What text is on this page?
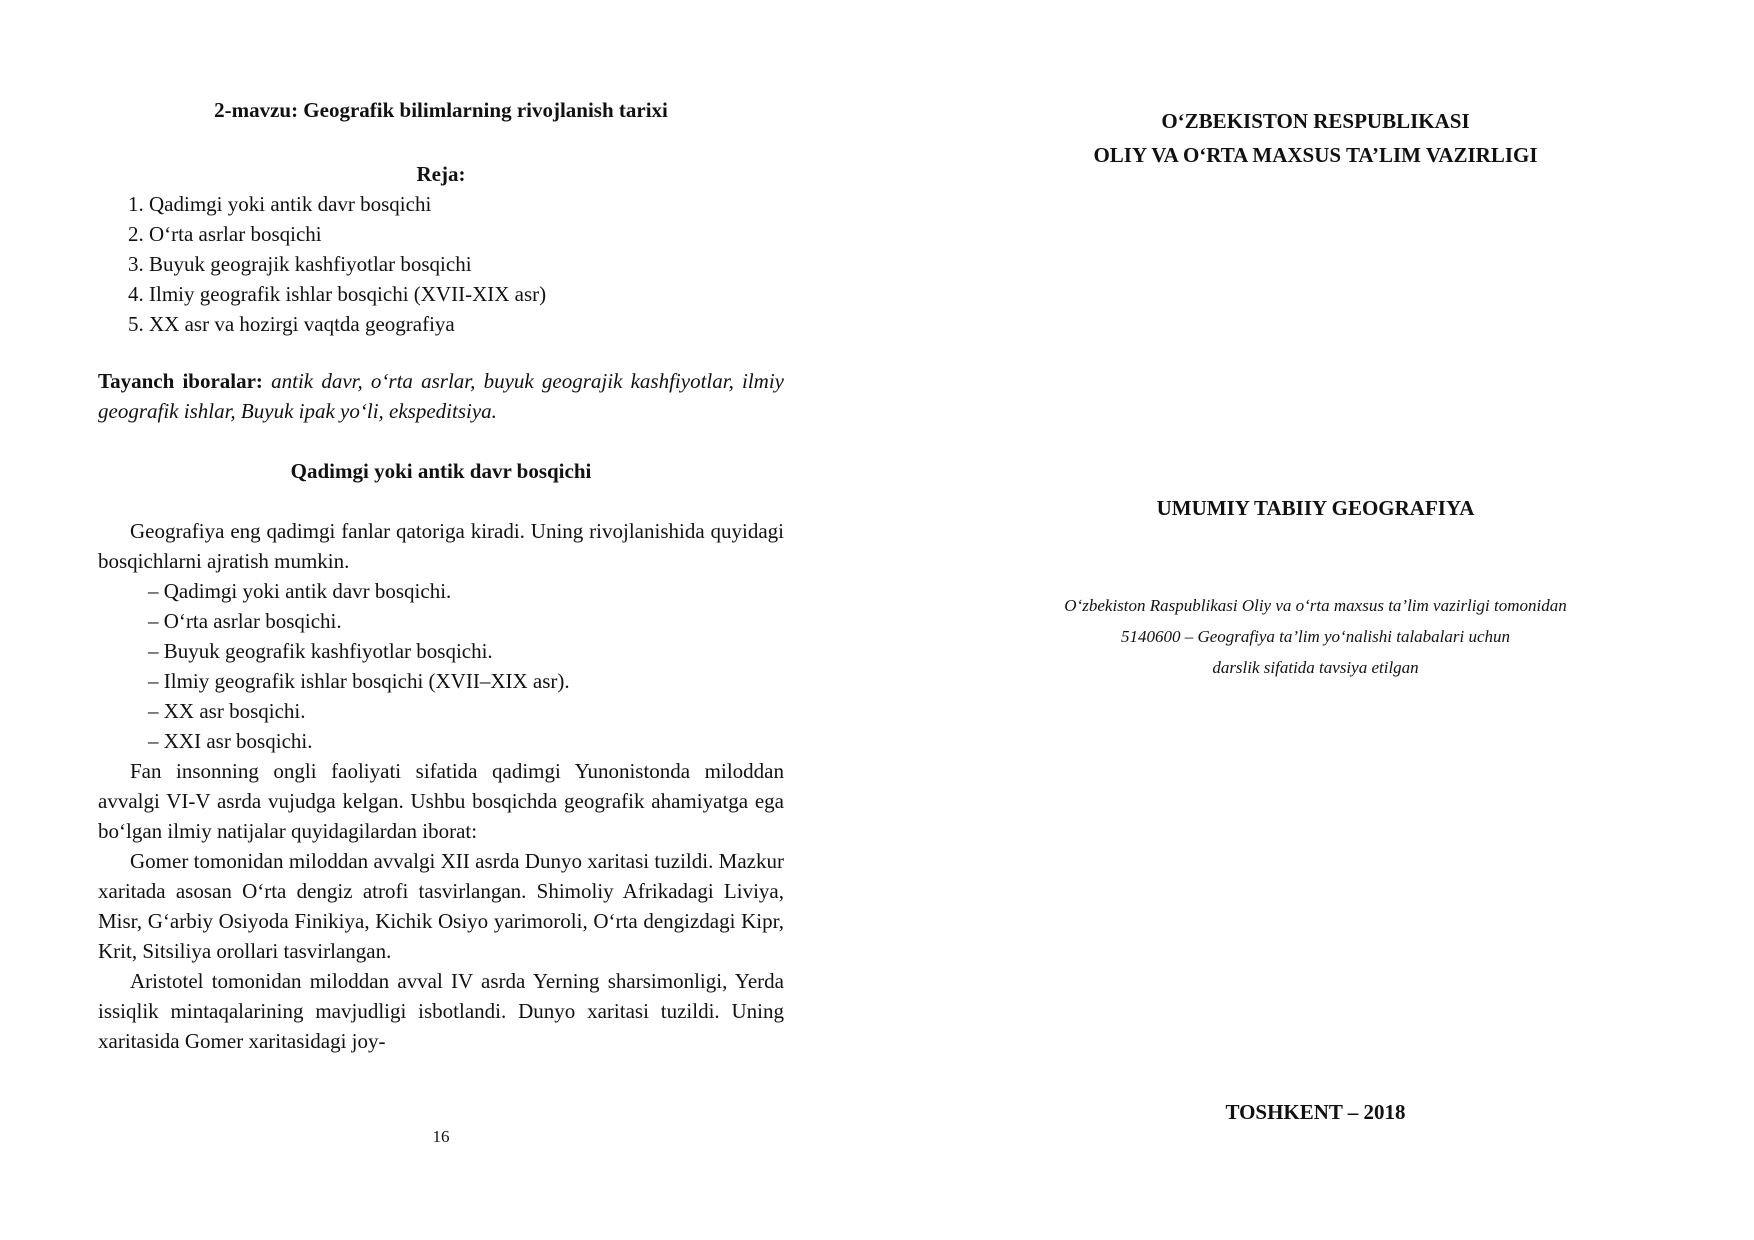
2-mavzu: Geografik bilimlarning rivojlanish tarixi
Reja:
1. Qadimgi yoki antik davr bosqichi
2. O‘rta asrlar bosqichi
3. Buyuk geograjik kashfiyotlar bosqichi
4. Ilmiy geografik ishlar bosqichi (XVII-XIX asr)
5. XX asr va hozirgi vaqtda geografiya

Tayanch iboralar: antik davr, o‘rta asrlar, buyuk geograjik kashfiyotlar, ilmiy geografik ishlar, Buyuk ipak yo‘li, ekspeditsiya.

Qadimgi yoki antik davr bosqichi

Geografiya eng qadimgi fanlar qatoriga kiradi. Uning rivojlanishida quyidagi bosqichlarni ajratish mumkin.

– Qadimgi yoki antik davr bosqichi.
– O‘rta asrlar bosqichi.
– Buyuk geografik kashfiyotlar bosqichi.
– Ilmiy geografik ishlar bosqichi (XVII–XIX asr).
– XX asr bosqichi.
– XXI asr bosqichi.

Fan insonning ongli faoliyati sifatida qadimgi Yunonistonda miloddan avvalgi VI-V asrda vujudga kelgan. Ushbu bosqichda geografik ahamiyatga ega bo‘lgan ilmiy natijalar quyidagilardan iborat:

Gomer tomonidan miloddan avvalgi XII asrda Dunyo xaritasi tuzildi. Mazkur xaritada asosan O‘rta dengiz atrofi tasvirlangan. Shimoliy Afrikadagi Liviya, Misr, G‘arbiy Osiyoda Finikiya, Kichik Osiyo yarimoroli, O‘rta dengizdagi Kipr, Krit, Sitsiliya orollari tasvirlangan.

Aristotel tomonidan miloddan avval IV asrda Yerning sharsimonligi, Yerda issiqlik mintaqalarining mavjudligi isbotlandi. Dunyo xaritasi tuzildi. Uning xaritasida Gomer xaritasidagi joy-

16
O‘ZBEKISTON RESPUBLIKASI
OLIY VA O‘RTA MAXSUS TA’LIM VAZIRLIGI
UMUMIY TABIIY GEOGRAFIYA
O‘zbekiston Raspublikasi Oliy va o‘rta maxsus ta’lim vazirligi tomonidan
5140600 – Geografiya ta’lim yo‘nalishi talabalari uchun
darslik sifatida tavsiya etilgan
TOSHKENT – 2018
